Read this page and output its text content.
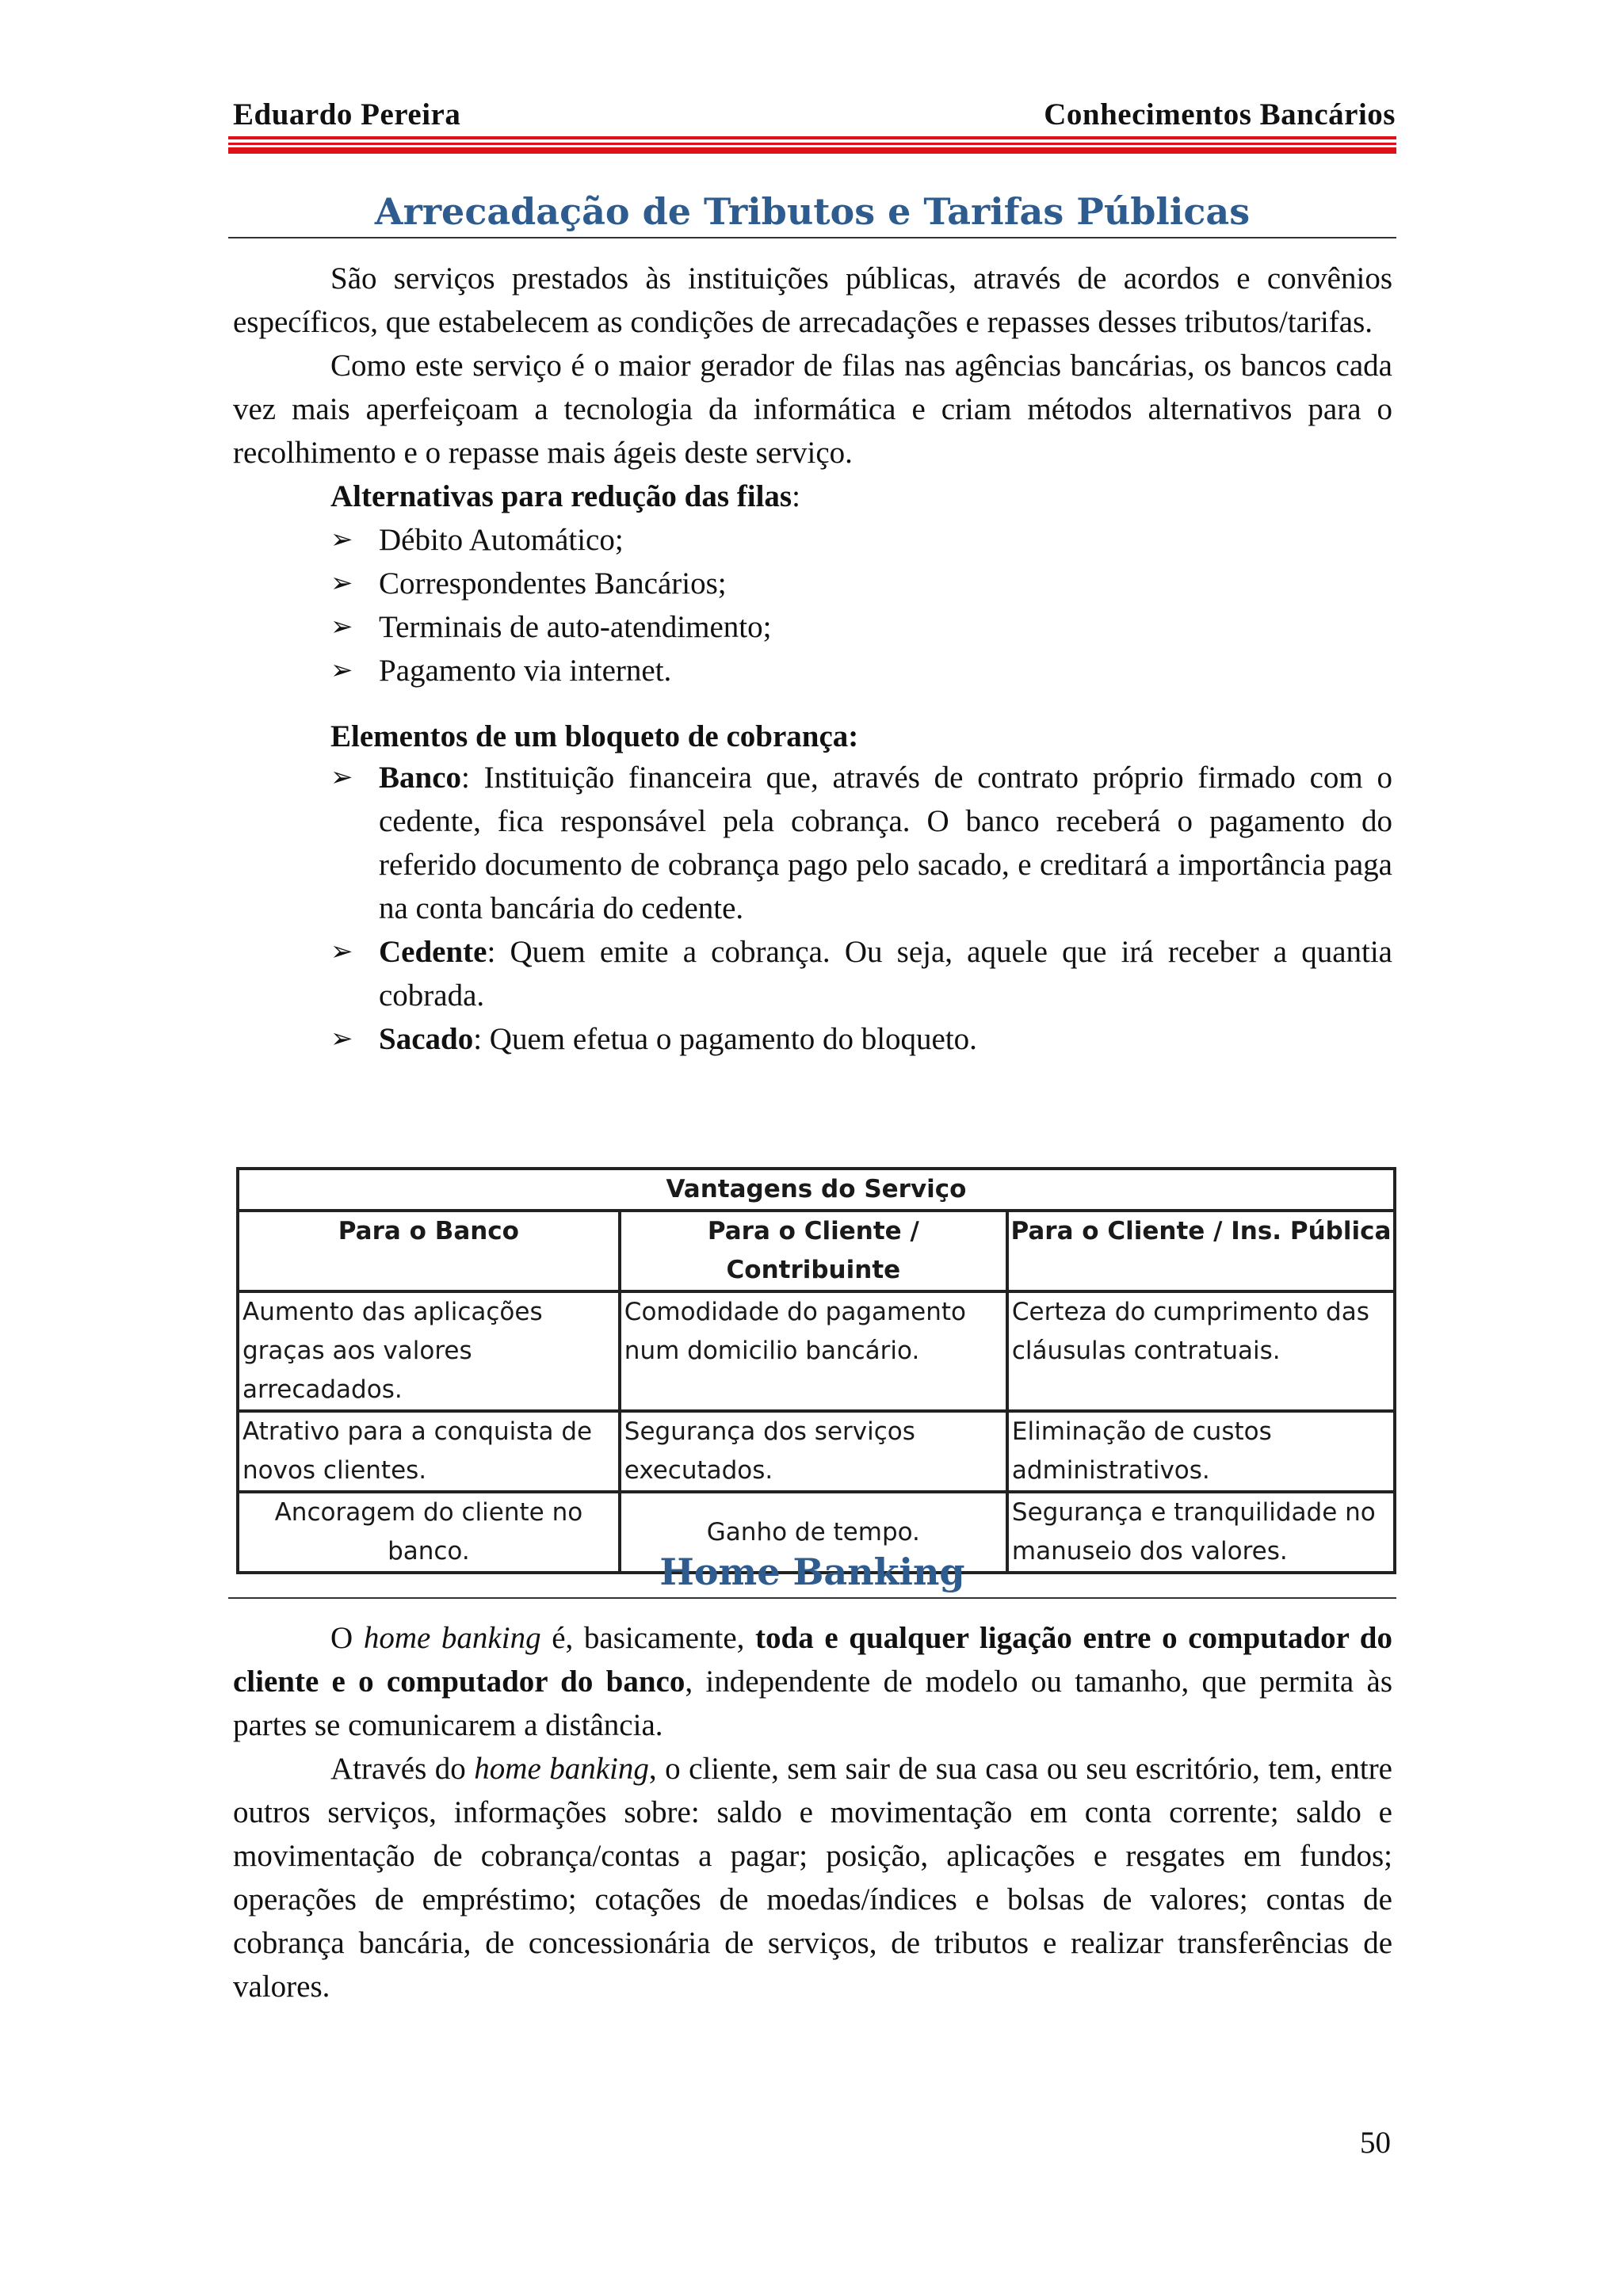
Eduardo Pereira	Conhecimentos Bancários
Arrecadação de Tributos e Tarifas Públicas

São serviços prestados às instituições públicas, através de acordos e convênios específicos, que estabelecem as condições de arrecadações e repasses desses tributos/tarifas.

Como este serviço é o maior gerador de filas nas agências bancárias, os bancos cada vez mais aperfeiçoam a tecnologia da informática e criam métodos alternativos para o recolhimento e o repasse mais ágeis deste serviço.

Alternativas para redução das filas:

➢ Débito Automático;
➢ Correspondentes Bancários;
➢ Terminais de auto-atendimento;
➢ Pagamento via internet.

Elementos de um bloqueto de cobrança:

➢ Banco: Instituição financeira que, através de contrato próprio firmado com o cedente, fica responsável pela cobrança. O banco receberá o pagamento do referido documento de cobrança pago pelo sacado, e creditará a importância paga na conta bancária do cedente.
➢ Cedente: Quem emite a cobrança. Ou seja, aquele que irá receber a quantia cobrada.
➢ Sacado: Quem efetua o pagamento do bloqueto.
Vantagens do Serviço		
Para o Banco	Para o Cliente / Contribuinte	Para o Cliente / Ins. Pública
Aumento das aplicações graças aos valores arrecadados.	Comodidade do pagamento num domicilio bancário.	Certeza do cumprimento das cláusulas contratuais.
Atrativo para a conquista de novos clientes.	Segurança dos serviços executados.	Eliminação de custos administrativos.
Ancoragem do cliente no banco.	Ganho de tempo.	Segurança e tranquilidade no manuseio dos valores.
Home Banking

O home banking é, basicamente, toda e qualquer ligação entre o computador do cliente e o computador do banco, independente de modelo ou tamanho, que permita às partes se comunicarem a distância.

Através do home banking, o cliente, sem sair de sua casa ou seu escritório, tem, entre outros serviços, informações sobre: saldo e movimentação em conta corrente; saldo e movimentação de cobrança/contas a pagar; posição, aplicações e resgates em fundos; operações de empréstimo; cotações de moedas/índices e bolsas de valores; contas de cobrança bancária, de concessionária de serviços, de tributos e realizar transferências de valores.

50
